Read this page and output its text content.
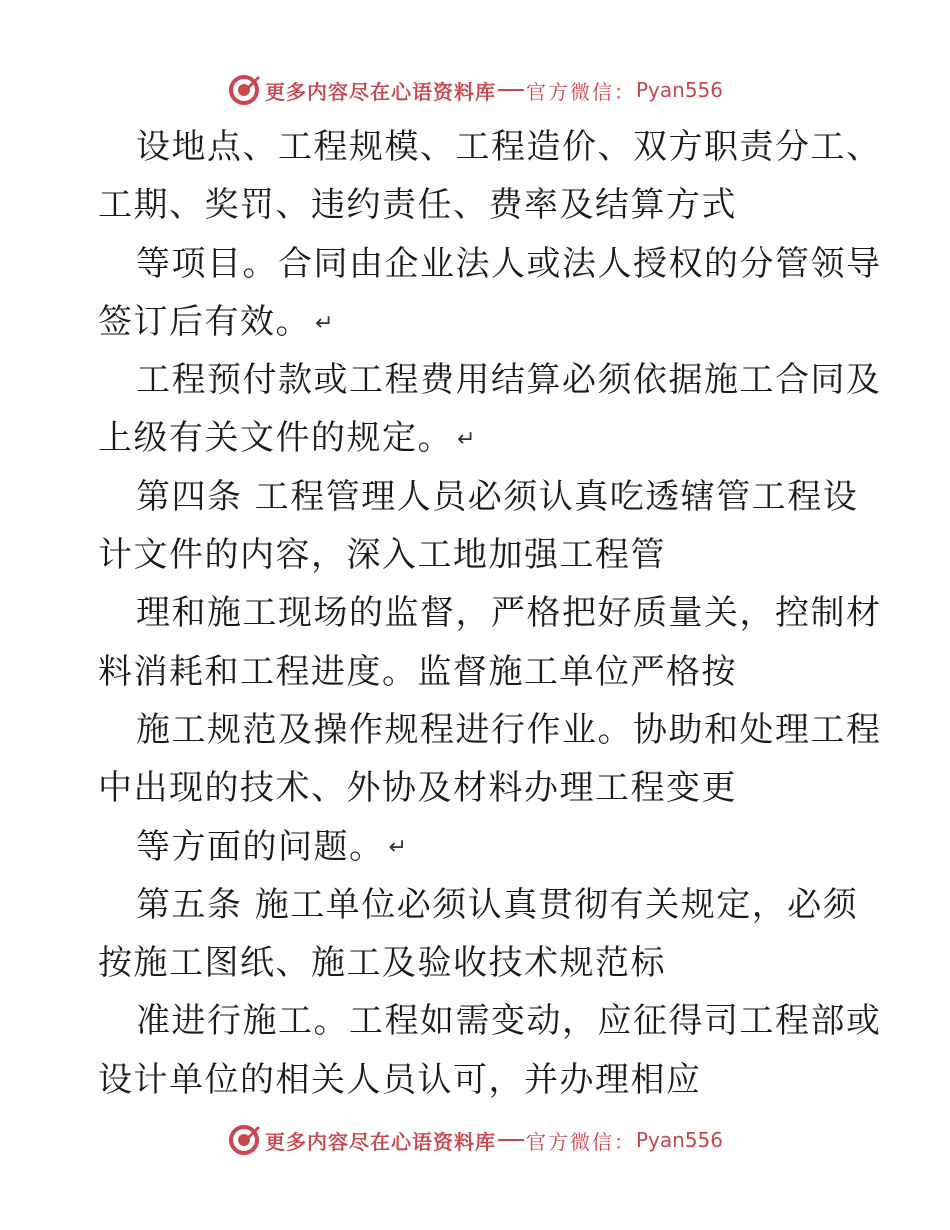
更多内容尽在心语资料库 官方微信： Pyan556
设地点、工程规模、工程造价、双方职责分工、
工期、奖罚、违约责任、费率及结算方式
等项目。合同由企业法人或法人授权的分管领导
签订后有效。 ↵
工程预付款或工程费用结算必须依据施工合同及
上级有关文件的规定。 ↵
第四条 工程管理人员必须认真吃透辖管工程设
计文件的内容，深入工地加强工程管
理和施工现场的监督，严格把好质量关，控制材
料消耗和工程进度。监督施工单位严格按
施工规范及操作规程进行作业。协助和处理工程
中出现的技术、外协及材料办理工程变更
等方面的问题。 ↵
第五条 施工单位必须认真贯彻有关规定，必须
按施工图纸、施工及验收技术规范标
准进行施工。工程如需变动，应征得司工程部或
设计单位的相关人员认可，并办理相应
更多内容尽在心语资料库 官方微信： Pyan556
